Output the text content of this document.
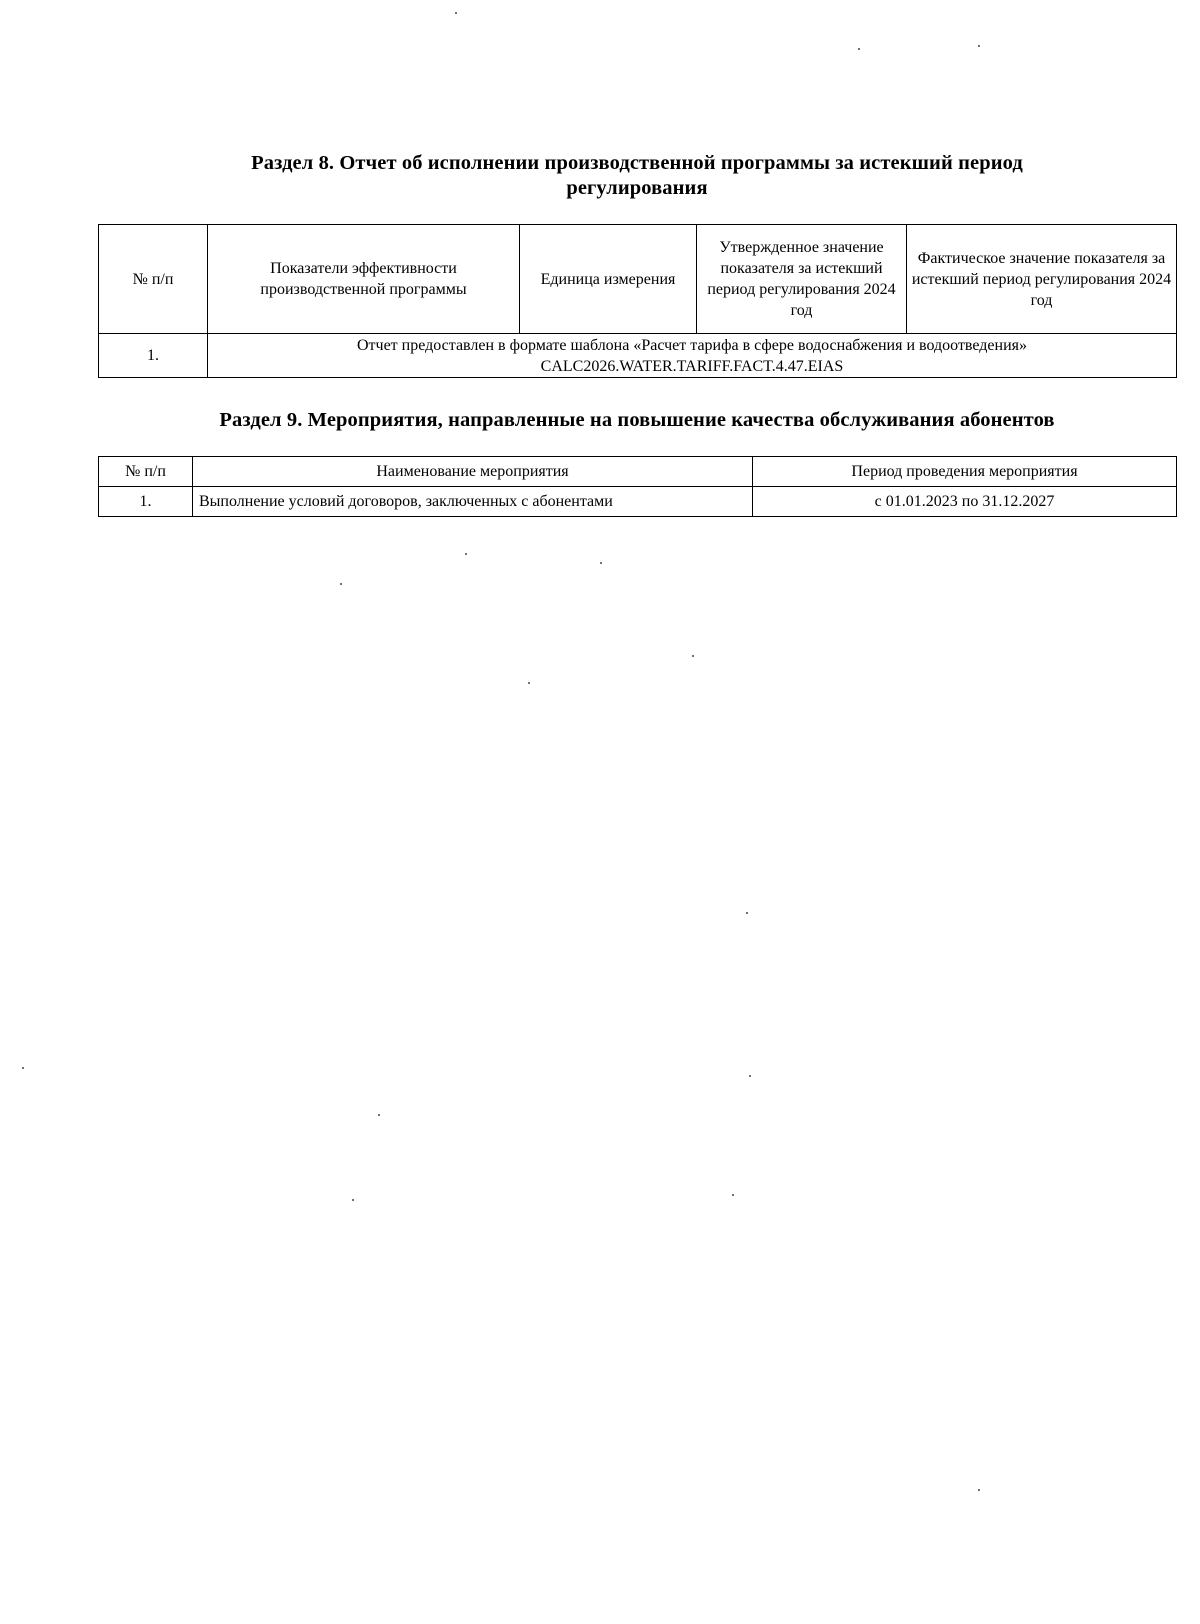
Раздел 8. Отчет об исполнении производственной программы за истекший период
регулирования
№ п/п	Показатели эффективности производственной программы	Единица измерения	Утвержденное значение показателя за истекший период регулирования 2024 год	Фактическое значение показателя за истекший период регулирования 2024 год
1.	Отчет предоставлен в формате шаблона «Расчет тарифа в сфере водоснабжения и водоотведения»
CALC2026.WATER.TARIFF.FACT.4.47.EIAS			
Раздел 9. Мероприятия, направленные на повышение качества обслуживания абонентов
№ п/п	Наименование мероприятия	Период проведения мероприятия
1.	Выполнение условий договоров, заключенных с абонентами	с 01.01.2023 по 31.12.2027
